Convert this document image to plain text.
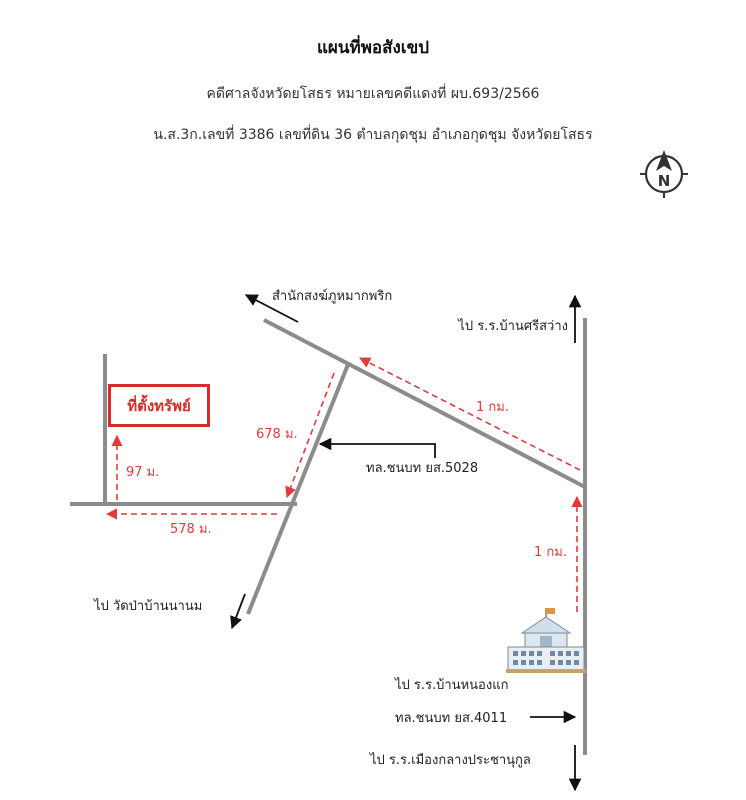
แผนที่พอสังเขป
คดีศาลจังหวัดยโสธร หมายเลขคดีแดงที่ ผบ.693/2566
น.ส.3ก.เลขที่ 3386 เลขที่ดิน 36 ตำบลกุดชุม อำเภอกุดชุม จังหวัดยโสธร
N
สำนักสงฆ์ภูหมากพริก
ไป ร.ร.บ้านศรีสว่าง
ทล.ชนบท ยส.5028
ไป วัดป่าบ้านนานม
ไป ร.ร.บ้านหนองแก
ทล.ชนบท ยส.4011
ไป ร.ร.เมืองกลางประชานุกูล
1 กม.
678 ม.
97 ม.
578 ม.
1 กม.
ที่ตั้งทรัพย์
